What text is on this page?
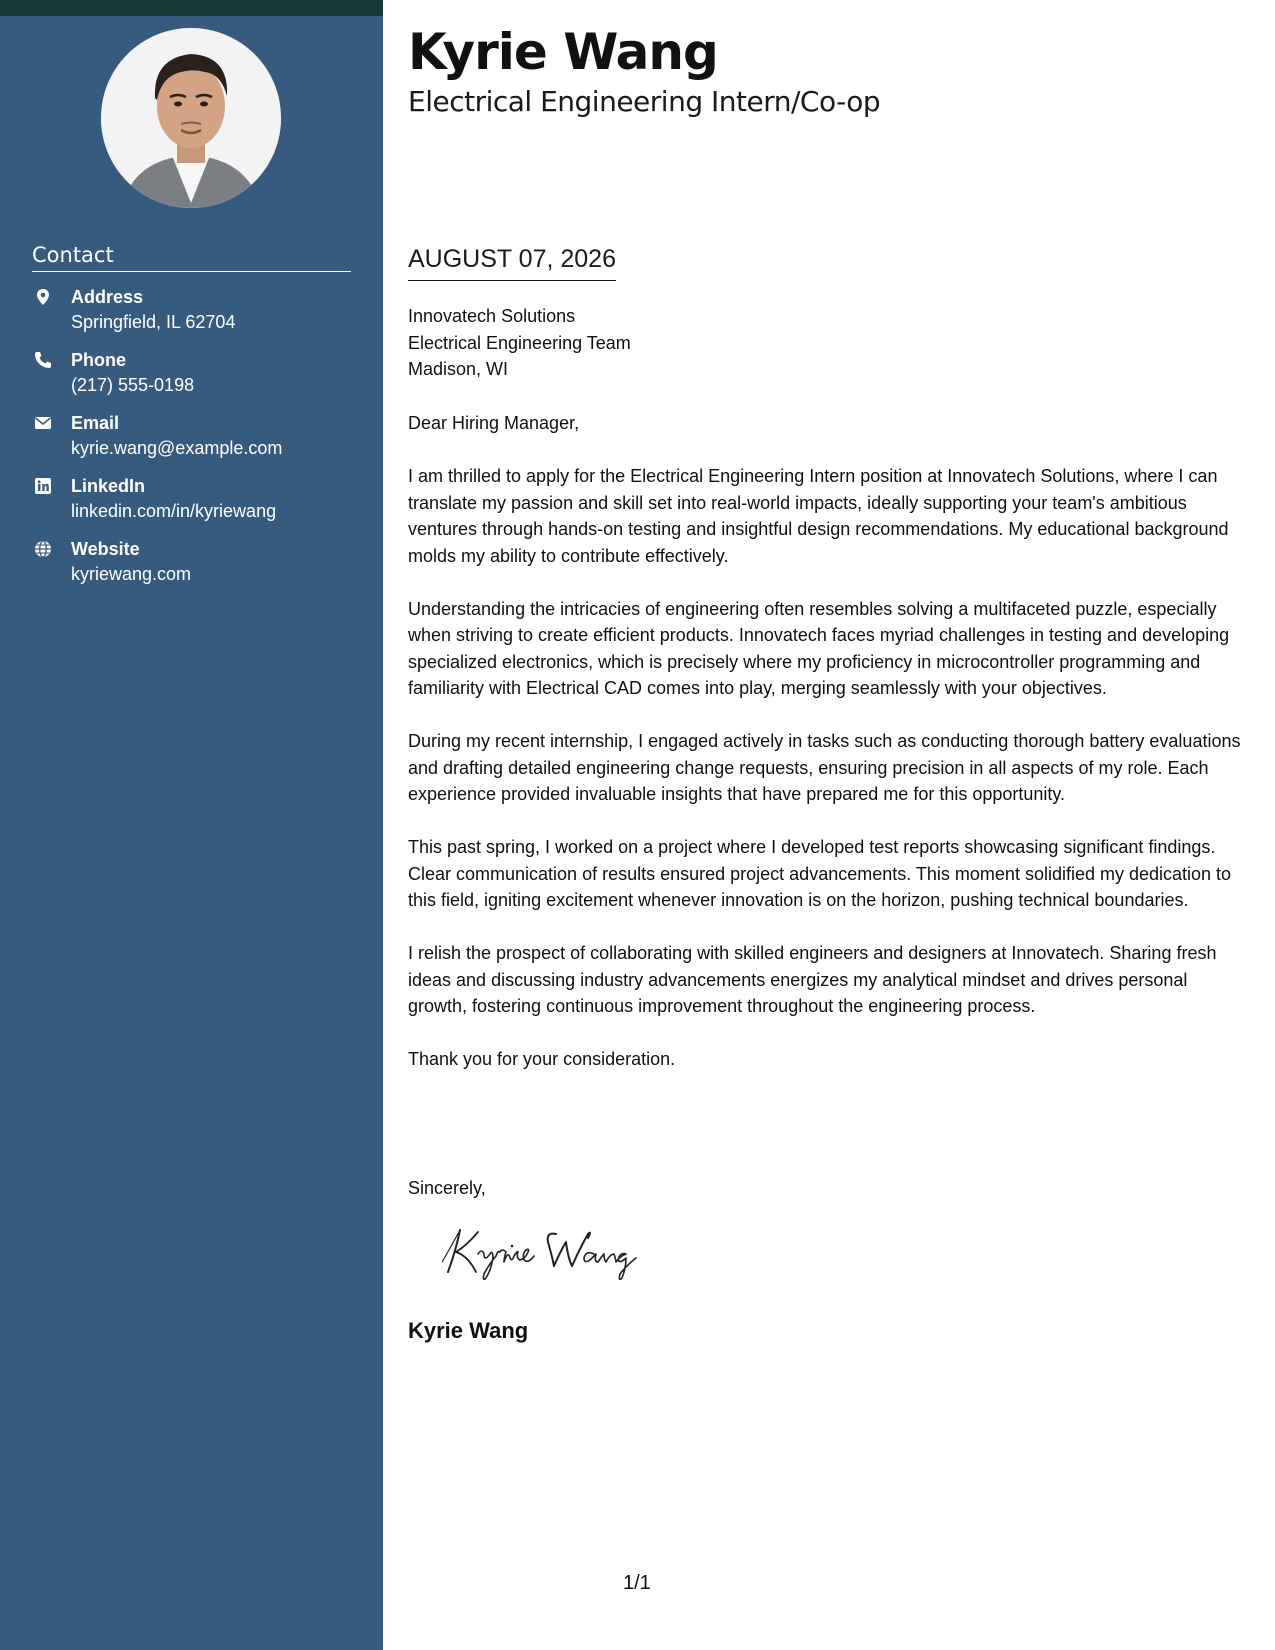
Contact
Address
Springfield, IL 62704
Phone
(217) 555-0198
Email
kyrie.wang@example.com
LinkedIn
linkedin.com/in/kyriewang
Website
kyriewang.com
Kyrie Wang
Electrical Engineering Intern/Co-op
AUGUST 07, 2026
Innovatech Solutions
Electrical Engineering Team
Madison, WI

Dear Hiring Manager,

I am thrilled to apply for the Electrical Engineering Intern position at Innovatech Solutions, where I can translate my passion and skill set into real-world impacts, ideally supporting your team's ambitious ventures through hands-on testing and insightful design recommendations. My educational background molds my ability to contribute effectively.

Understanding the intricacies of engineering often resembles solving a multifaceted puzzle, especially when striving to create efficient products. Innovatech faces myriad challenges in testing and developing specialized electronics, which is precisely where my proficiency in microcontroller programming and familiarity with Electrical CAD comes into play, merging seamlessly with your objectives.

During my recent internship, I engaged actively in tasks such as conducting thorough battery evaluations and drafting detailed engineering change requests, ensuring precision in all aspects of my role. Each experience provided invaluable insights that have prepared me for this opportunity.

This past spring, I worked on a project where I developed test reports showcasing significant findings. Clear communication of results ensured project advancements. This moment solidified my dedication to this field, igniting excitement whenever innovation is on the horizon, pushing technical boundaries.

I relish the prospect of collaborating with skilled engineers and designers at Innovatech. Sharing fresh ideas and discussing industry advancements energizes my analytical mindset and drives personal growth, fostering continuous improvement throughout the engineering process.

Thank you for your consideration.

Sincerely,
Kyrie Wang
1/1
